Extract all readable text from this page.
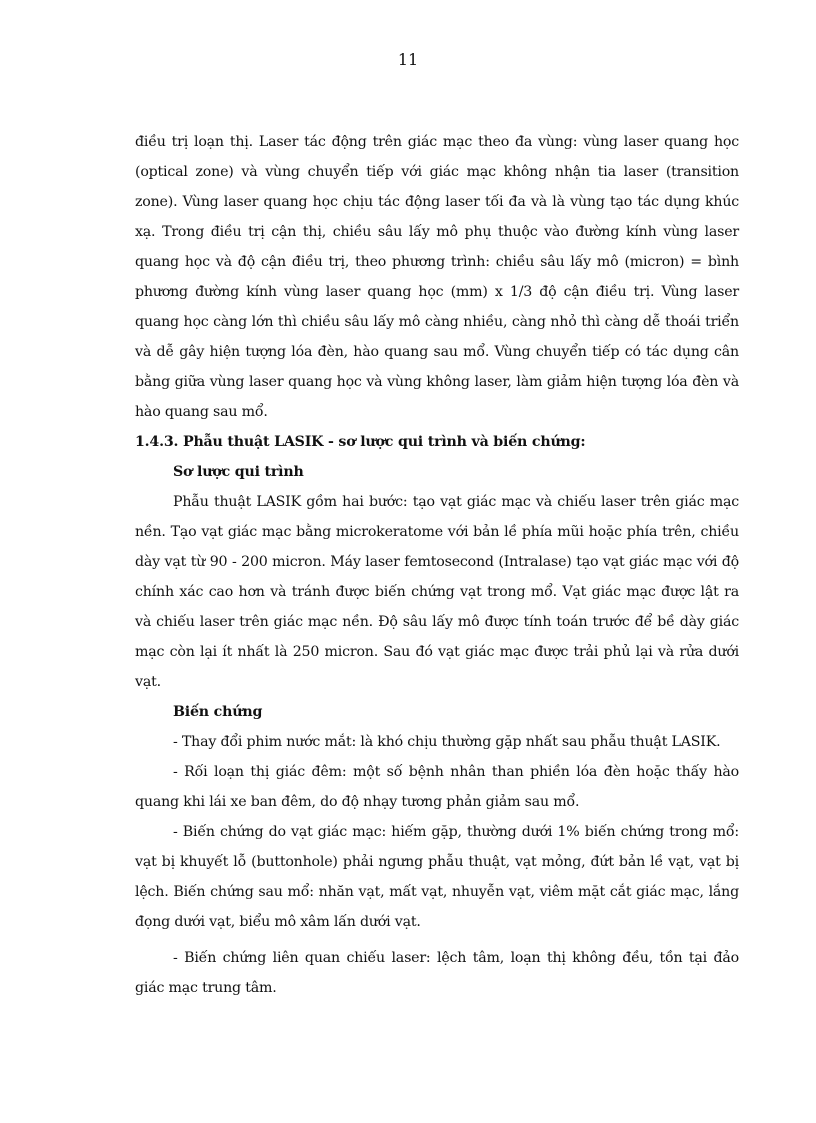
11

điều trị loạn thị. Laser tác động trên giác mạc theo đa vùng: vùng laser quang học (optical zone) và vùng chuyển tiếp với giác mạc không nhận tia laser (transition zone). Vùng laser quang học chịu tác động laser tối đa và là vùng tạo tác dụng khúc xạ. Trong điều trị cận thị, chiều sâu lấy mô phụ thuộc vào đường kính vùng laser quang học và độ cận điều trị, theo phương trình: chiều sâu lấy mô (micron) = bình phương đường kính vùng laser quang học (mm) x 1/3 độ cận điều trị. Vùng laser quang học càng lớn thì chiều sâu lấy mô càng nhiều, càng nhỏ thì càng dễ thoái triển và dễ gây hiện tượng lóa đèn, hào quang sau mổ. Vùng chuyển tiếp có tác dụng cân bằng giữa vùng laser quang học và vùng không laser, làm giảm hiện tượng lóa đèn và hào quang sau mổ.

1.4.3. Phẫu thuật LASIK - sơ lược qui trình và biến chứng:

Sơ lược qui trình

Phẫu thuật LASIK gồm hai bước: tạo vạt giác mạc và chiếu laser trên giác mạc nền. Tạo vạt giác mạc bằng microkeratome với bản lề phía mũi hoặc phía trên, chiều dày vạt từ 90 - 200 micron. Máy laser femtosecond (Intralase) tạo vạt giác mạc với độ chính xác cao hơn và tránh được biến chứng vạt trong mổ. Vạt giác mạc được lật ra và chiếu laser trên giác mạc nền. Độ sâu lấy mô được tính toán trước để bề dày giác mạc còn lại ít nhất là 250 micron. Sau đó vạt giác mạc được trải phủ lại và rửa dưới vạt.

Biến chứng

- Thay đổi phim nước mắt: là khó chịu thường gặp nhất sau phẫu thuật LASIK.

- Rối loạn thị giác đêm: một số bệnh nhân than phiền lóa đèn hoặc thấy hào quang khi lái xe ban đêm, do độ nhạy tương phản giảm sau mổ.

- Biến chứng do vạt giác mạc: hiếm gặp, thường dưới 1% biến chứng trong mổ: vạt bị khuyết lỗ (buttonhole) phải ngưng phẫu thuật, vạt mỏng, đứt bản lề vạt, vạt bị lệch. Biến chứng sau mổ: nhăn vạt, mất vạt, nhuyễn vạt, viêm mặt cắt giác mạc, lắng đọng dưới vạt, biểu mô xâm lấn dưới vạt.

- Biến chứng liên quan chiếu laser: lệch tâm, loạn thị không đều, tồn tại đảo giác mạc trung tâm.
